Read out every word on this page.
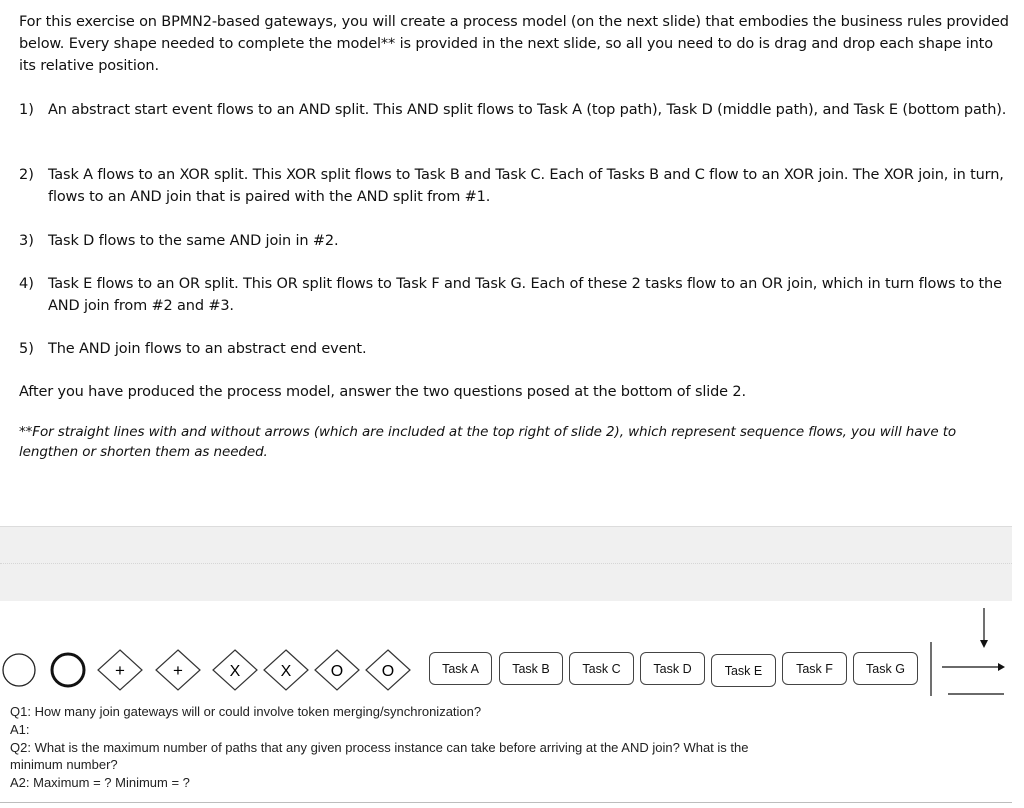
For this exercise on BPMN2-based gateways, you will create a process model (on the next slide) that embodies the business rules provided below. Every shape needed to complete the model** is provided in the next slide, so all you need to do is drag and drop each shape into its relative position.
1) An abstract start event flows to an AND split. This AND split flows to Task A (top path), Task D (middle path), and Task E (bottom path).
2) Task A flows to an XOR split. This XOR split flows to Task B and Task C. Each of Tasks B and C flow to an XOR join. The XOR join, in turn, flows to an AND join that is paired with the AND split from #1.
3) Task D flows to the same AND join in #2.
4) Task E flows to an OR split. This OR split flows to Task F and Task G. Each of these 2 tasks flow to an OR join, which in turn flows to the AND join from #2 and #3.
5) The AND join flows to an abstract end event.
After you have produced the process model, answer the two questions posed at the bottom of slide 2.
**For straight lines with and without arrows (which are included at the top right of slide 2), which represent sequence flows, you will have to lengthen or shorten them as needed.
+	+	X	X O O	Task A	Task B	Task C	Task D	Task E	Task F	Task G
Q1: How many join gateways will or could involve token merging/synchronization?
A1:
Q2: What is the maximum number of paths that any given process instance can take before arriving at the AND join? What is the
minimum number?
A2: Maximum = ? Minimum = ?
